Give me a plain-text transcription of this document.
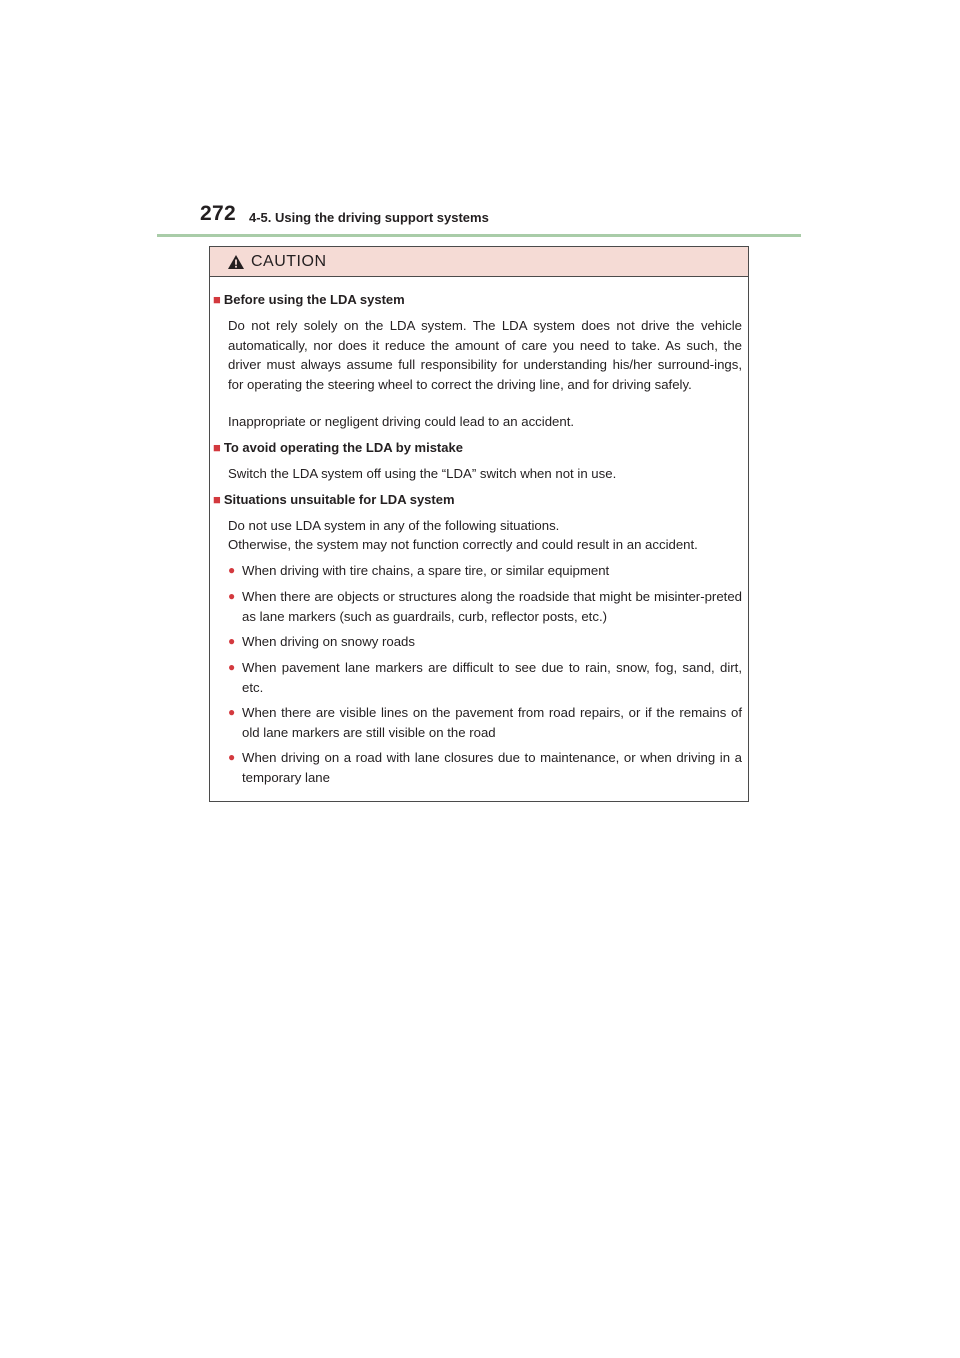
272 4-5. Using the driving support systems
CAUTION
■ Before using the LDA system
Do not rely solely on the LDA system. The LDA system does not drive the vehicle automatically, nor does it reduce the amount of care you need to take. As such, the driver must always assume full responsibility for understanding his/her surround-ings, for operating the steering wheel to correct the driving line, and for driving safely.
Inappropriate or negligent driving could lead to an accident.
■ To avoid operating the LDA by mistake
Switch the LDA system off using the “LDA” switch when not in use.
■ Situations unsuitable for LDA system
Do not use LDA system in any of the following situations.
Otherwise, the system may not function correctly and could result in an accident.
● When driving with tire chains, a spare tire, or similar equipment
● When there are objects or structures along the roadside that might be misinter-preted as lane markers (such as guardrails, curb, reflector posts, etc.)
● When driving on snowy roads
● When pavement lane markers are difficult to see due to rain, snow, fog, sand, dirt, etc.
● When there are visible lines on the pavement from road repairs, or if the remains of old lane markers are still visible on the road
● When driving on a road with lane closures due to maintenance, or when driving in a temporary lane
